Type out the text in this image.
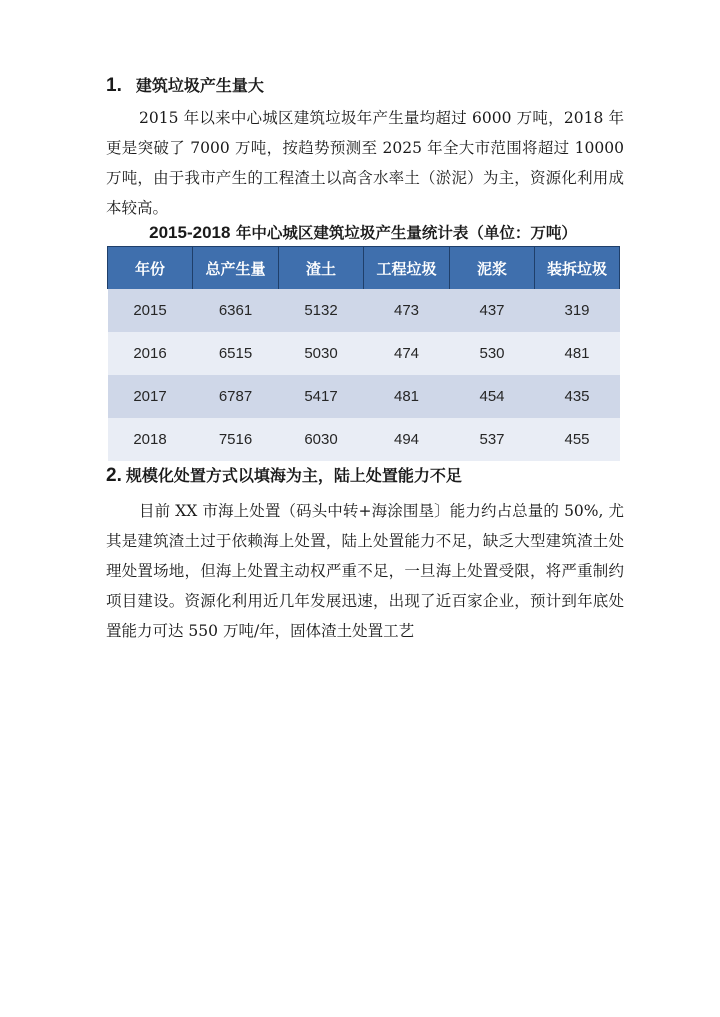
1. 建筑垃圾产生量大

2015 年以来中心城区建筑垃圾年产生量均超过 6000 万吨，2018 年更是突破了 7000 万吨，按趋势预测至 2025 年全大市范围将超过 10000 万吨，由于我市产生的工程渣土以高含水率土（淤泥）为主，资源化利用成本较高。

2015-2018 年中心城区建筑垃圾产生量统计表（单位：万吨）
年份	总产生量	渣土	工程垃圾	泥浆	装拆垃圾
2015	6361	5132	473	437	319
2016	6515	5030	474	530	481
2017	6787	5417	481	454	435
2018	7516	6030	494	537	455
2. 规模化处置方式以填海为主，陆上处置能力不足

目前 XX 市海上处置（码头中转+海涂围垦〕能力约占总量的 50%, 尤其是建筑渣土过于依赖海上处置，陆上处置能力不足，缺乏大型建筑渣土处理处置场地，但海上处置主动权严重不足，一旦海上处置受限，将严重制约项目建设。资源化利用近几年发展迅速，出现了近百家企业，预计到年底处置能力可达 550 万吨/年，固体渣土处置工艺
